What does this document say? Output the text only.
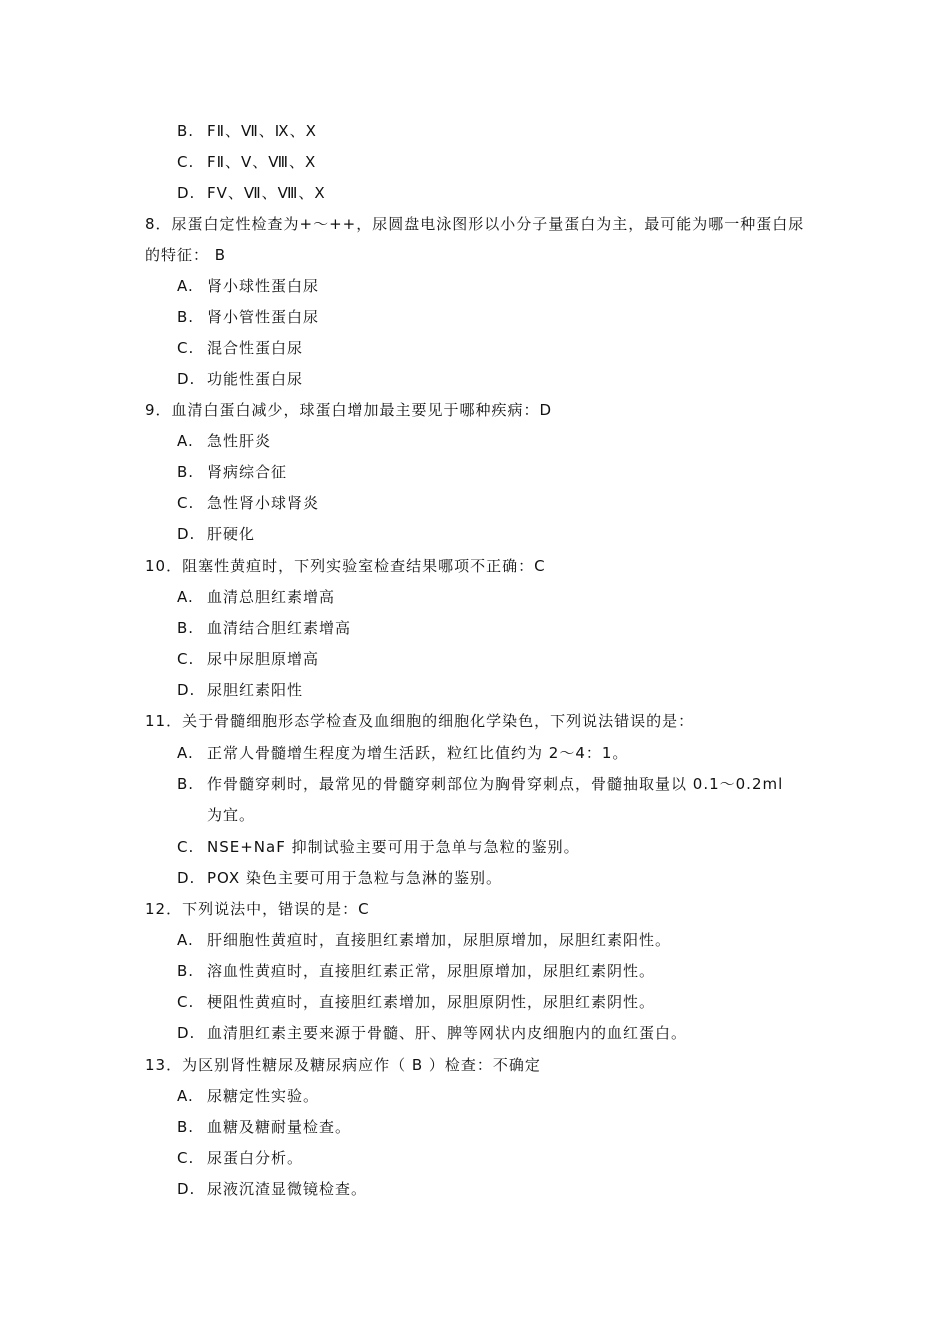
B. FⅡ、Ⅶ、Ⅸ、Ⅹ
C. FⅡ、Ⅴ、Ⅷ、Ⅹ
D. FⅤ、Ⅶ、Ⅷ、Ⅹ
8．尿蛋白定性检查为+～++，尿圆盘电泳图形以小分子量蛋白为主，最可能为哪一种蛋白尿
的特征： B
A. 肾小球性蛋白尿
B. 肾小管性蛋白尿
C. 混合性蛋白尿
D. 功能性蛋白尿
9．血清白蛋白减少，球蛋白增加最主要见于哪种疾病：D
A. 急性肝炎
B. 肾病综合征
C. 急性肾小球肾炎
D. 肝硬化
10．阻塞性黄疸时，下列实验室检查结果哪项不正确：C
A. 血清总胆红素增高
B. 血清结合胆红素增高
C. 尿中尿胆原增高
D. 尿胆红素阳性
11．关于骨髓细胞形态学检查及血细胞的细胞化学染色，下列说法错误的是：
A. 正常人骨髓增生程度为增生活跃，粒红比值约为 2～4：1。
B. 作骨髓穿刺时，最常见的骨髓穿刺部位为胸骨穿刺点，骨髓抽取量以 0.1～0.2ml
为宜。
C. NSE+NaF 抑制试验主要可用于急单与急粒的鉴别。
D. POX 染色主要可用于急粒与急淋的鉴别。
12．下列说法中，错误的是：C
A. 肝细胞性黄疸时，直接胆红素增加，尿胆原增加，尿胆红素阳性。
B. 溶血性黄疸时，直接胆红素正常，尿胆原增加，尿胆红素阴性。
C. 梗阻性黄疸时，直接胆红素增加，尿胆原阴性，尿胆红素阴性。
D. 血清胆红素主要来源于骨髓、肝、脾等网状内皮细胞内的血红蛋白。
13．为区别肾性糖尿及糖尿病应作（ B ）检查：不确定
A. 尿糖定性实验。
B. 血糖及糖耐量检查。
C. 尿蛋白分析。
D. 尿液沉渣显微镜检查。
